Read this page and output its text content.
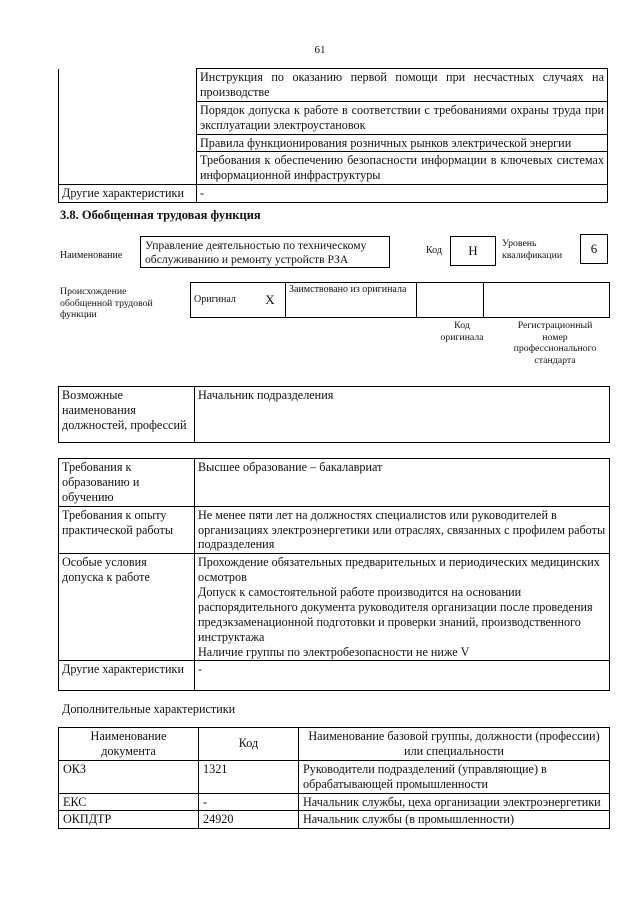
61
	Инструкция по оказанию первой помощи при несчастных случаях на производстве
	Порядок допуска к работе в соответствии с требованиями охраны труда при эксплуатации электроустановок
	Правила функционирования розничных рынков электрической энергии
	Требования к обеспечению безопасности информации в ключевых системах информационной инфраструктуры
Другие характеристики	-
3.8. Обобщенная трудовая функция
Наименование
Управление деятельностью по техническому обслуживанию и ремонту устройств РЗА
Код	Н	Уровень квалификации	6
Происхождение обобщенной трудовой функции
Оригинал	X	Заимствовано из оригинала		
Код оригинала
Регистрационный номер профессионального стандарта
Возможные наименования должностей, профессий	Начальник подразделения
Требования к образованию и обучению	Высшее образование – бакалавриат
Требования к опыту практической работы	Не менее пяти лет на должностях специалистов или руководителей в организациях электроэнергетики или отраслях, связанных с профилем работы подразделения
Особые условия допуска к работе	Прохождение обязательных предварительных и периодических медицинских осмотров
Допуск к самостоятельной работе производится на основании распорядительного документа руководителя организации после проведения предэкзаменационной подготовки и проверки знаний, производственного инструктажа
Наличие группы по электробезопасности не ниже V

Другие характеристики	-
Дополнительные характеристики
Наименование документа	Код	Наименование базовой группы, должности (профессии) или специальности
ОКЗ	1321	Руководители подразделений (управляющие) в обрабатывающей промышленности
ЕКС	-	Начальник службы, цеха организации электроэнергетики
ОКПДТР	24920	Начальник службы (в промышленности)
